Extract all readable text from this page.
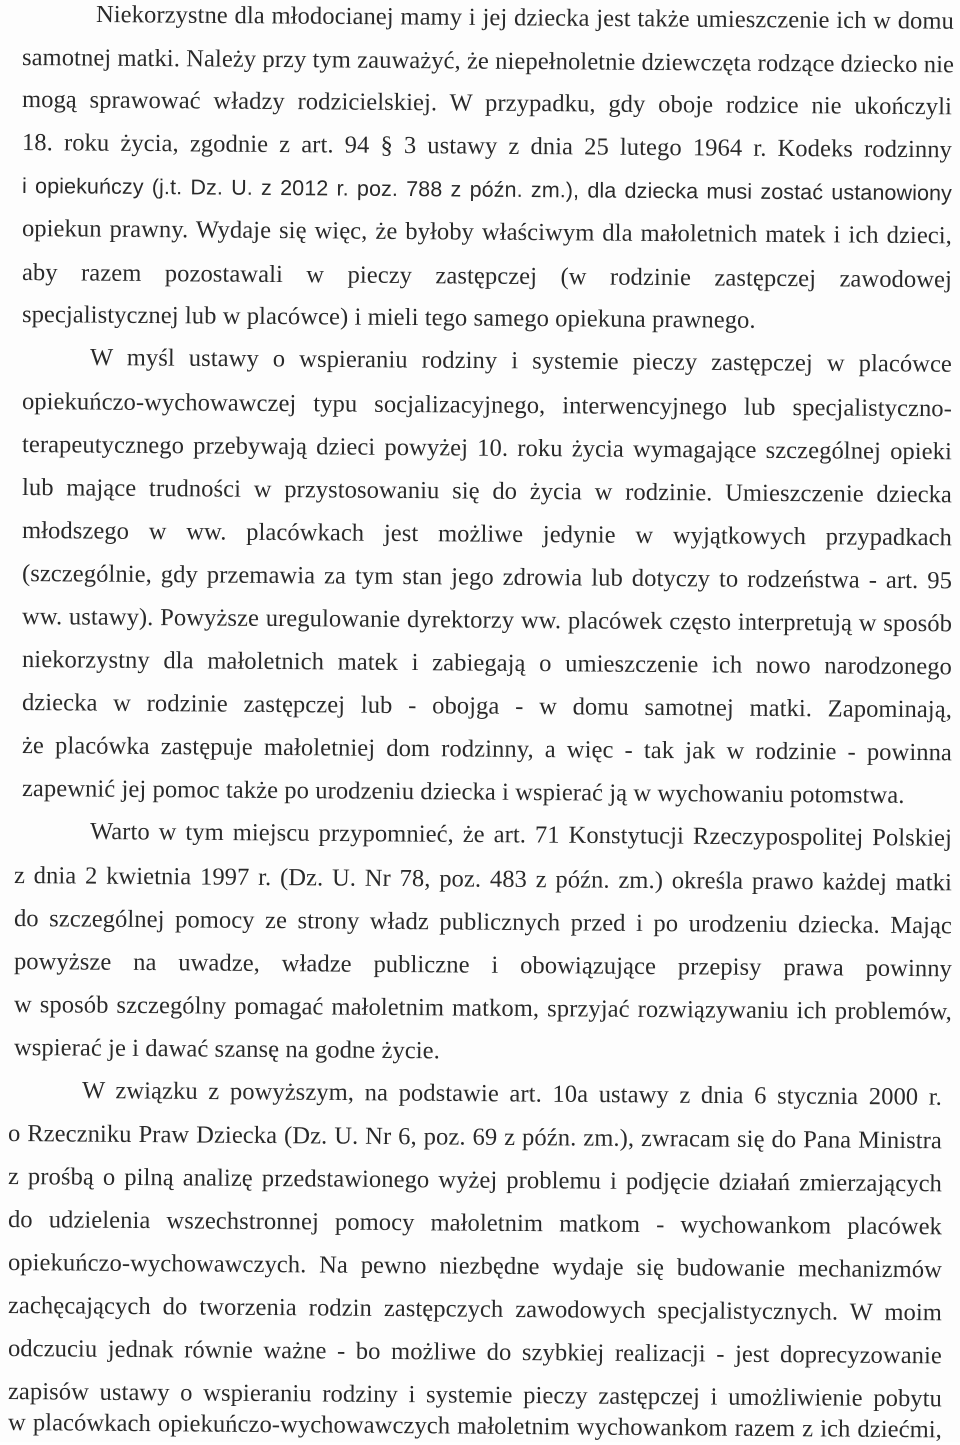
Niekorzystne dla młodocianej mamy i jej dziecka jest także umieszczenie ich w domu

samotnej matki. Należy przy tym zauważyć, że niepełnoletnie dziewczęta rodzące dziecko nie

mogą sprawować władzy rodzicielskiej. W przypadku, gdy oboje rodzice nie ukończyli

18. roku życia, zgodnie z art. 94 § 3 ustawy z dnia 25 lutego 1964 r. Kodeks rodzinny

i opiekuńczy (j.t. Dz. U. z 2012 r. poz. 788 z późn. zm.), dla dziecka musi zostać ustanowiony

opiekun prawny. Wydaje się więc, że byłoby właściwym dla małoletnich matek i ich dzieci,

aby razem pozostawali w pieczy zastępczej (w rodzinie zastępczej zawodowej

specjalistycznej lub w placówce) i mieli tego samego opiekuna prawnego.

W myśl ustawy o wspieraniu rodziny i systemie pieczy zastępczej w placówce

opiekuńczo-wychowawczej typu socjalizacyjnego, interwencyjnego lub specjalistyczno-

terapeutycznego przebywają dzieci powyżej 10. roku życia wymagające szczególnej opieki

lub mające trudności w przystosowaniu się do życia w rodzinie. Umieszczenie dziecka

młodszego w ww. placówkach jest możliwe jedynie w wyjątkowych przypadkach

(szczególnie, gdy przemawia za tym stan jego zdrowia lub dotyczy to rodzeństwa - art. 95

ww. ustawy). Powyższe uregulowanie dyrektorzy ww. placówek często interpretują w sposób

niekorzystny dla małoletnich matek i zabiegają o umieszczenie ich nowo narodzonego

dziecka w rodzinie zastępczej lub - obojga - w domu samotnej matki. Zapominają,

że placówka zastępuje małoletniej dom rodzinny, a więc - tak jak w rodzinie - powinna

zapewnić jej pomoc także po urodzeniu dziecka i wspierać ją w wychowaniu potomstwa.

Warto w tym miejscu przypomnieć, że art. 71 Konstytucji Rzeczypospolitej Polskiej

z dnia 2 kwietnia 1997 r. (Dz. U. Nr 78, poz. 483 z późn. zm.) określa prawo każdej matki

do szczególnej pomocy ze strony władz publicznych przed i po urodzeniu dziecka. Mając

powyższe na uwadze, władze publiczne i obowiązujące przepisy prawa powinny

w sposób szczególny pomagać małoletnim matkom, sprzyjać rozwiązywaniu ich problemów,

wspierać je i dawać szansę na godne życie.

W związku z powyższym, na podstawie art. 10a ustawy z dnia 6 stycznia 2000 r.

o Rzeczniku Praw Dziecka (Dz. U. Nr 6, poz. 69 z późn. zm.), zwracam się do Pana Ministra

z prośbą o pilną analizę przedstawionego wyżej problemu i podjęcie działań zmierzających

do udzielenia wszechstronnej pomocy małoletnim matkom - wychowankom placówek

opiekuńczo-wychowawczych. Na pewno niezbędne wydaje się budowanie mechanizmów

zachęcających do tworzenia rodzin zastępczych zawodowych specjalistycznych. W moim

odczuciu jednak równie ważne - bo możliwe do szybkiej realizacji - jest doprecyzowanie

zapisów ustawy o wspieraniu rodziny i systemie pieczy zastępczej i umożliwienie pobytu

w placówkach opiekuńczo-wychowawczych małoletnim wychowankom razem z ich dziećmi,
